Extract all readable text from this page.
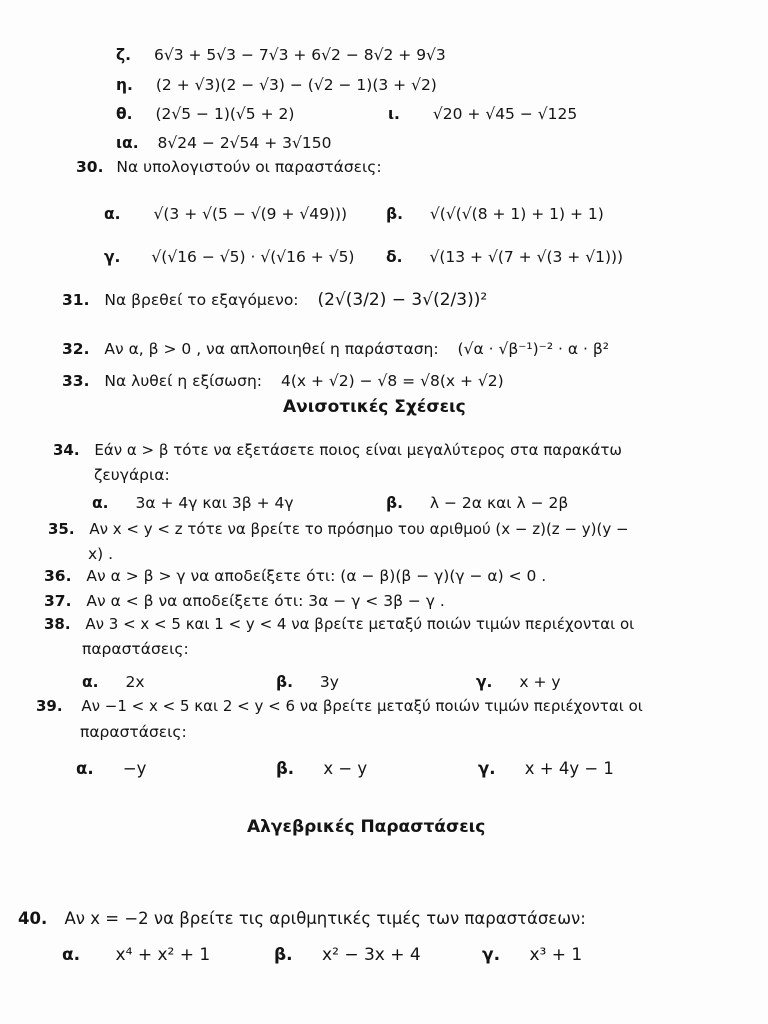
ζ. 6√3 + 5√3 − 7√3 + 6√2 − 8√2 + 9√3
η. (2 + √3)(2 − √3) − (√2 − 1)(3 + √2)
θ. (2√5 − 1)(√5 + 2)	ι. √20 + √45 − √125
ια. 8√24 − 2√54 + 3√150
30. Να υπολογιστούν οι παραστάσεις:
α. √(3 + √(5 − √(9 + √49)))	β. √(√(√(8 + 1) + 1) + 1)
γ. √(√16 − √5) · √(√16 + √5) δ. √(13 + √(7 + √(3 + √1)))
31. Να βρεθεί το εξαγόμενο: (2√(3/2) − 3√(2/3))²
32. Αν α, β > 0 , να απλοποιηθεί η παράσταση: (√α · √β⁻¹)⁻² · α · β²
33. Να λυθεί η εξίσωση: 4(x + √2) − √8 = √8(x + √2)
Ανισοτικές Σχέσεις
34. Εάν α > β τότε να εξετάσετε ποιος είναι μεγαλύτερος στα παρακάτω
ζευγάρια:
α. 3α + 4γ και 3β + 4γ	β. λ − 2α και λ − 2β
35. Αν x < y < z τότε να βρείτε το πρόσημο του αριθμού (x − z)(z − y)(y −
x) .
36. Αν α > β > γ να αποδείξετε ότι: (α − β)(β − γ)(γ − α) < 0 .
37. Αν α < β να αποδείξετε ότι: 3α − γ < 3β − γ .
38. Αν 3 < x < 5 και 1 < y < 4 να βρείτε μεταξύ ποιών τιμών περιέχονται οι
παραστάσεις:
α. 2x	β. 3y	γ. x + y
39. Αν −1 < x < 5 και 2 < y < 6 να βρείτε μεταξύ ποιών τιμών περιέχονται οι
παραστάσεις:
α. −y	β. x − y	γ. x + 4y − 1
Αλγεβρικές Παραστάσεις
40. Αν x = −2 να βρείτε τις αριθμητικές τιμές των παραστάσεων:
α. x⁴ + x² + 1	β. x² − 3x + 4	γ. x³ + 1
